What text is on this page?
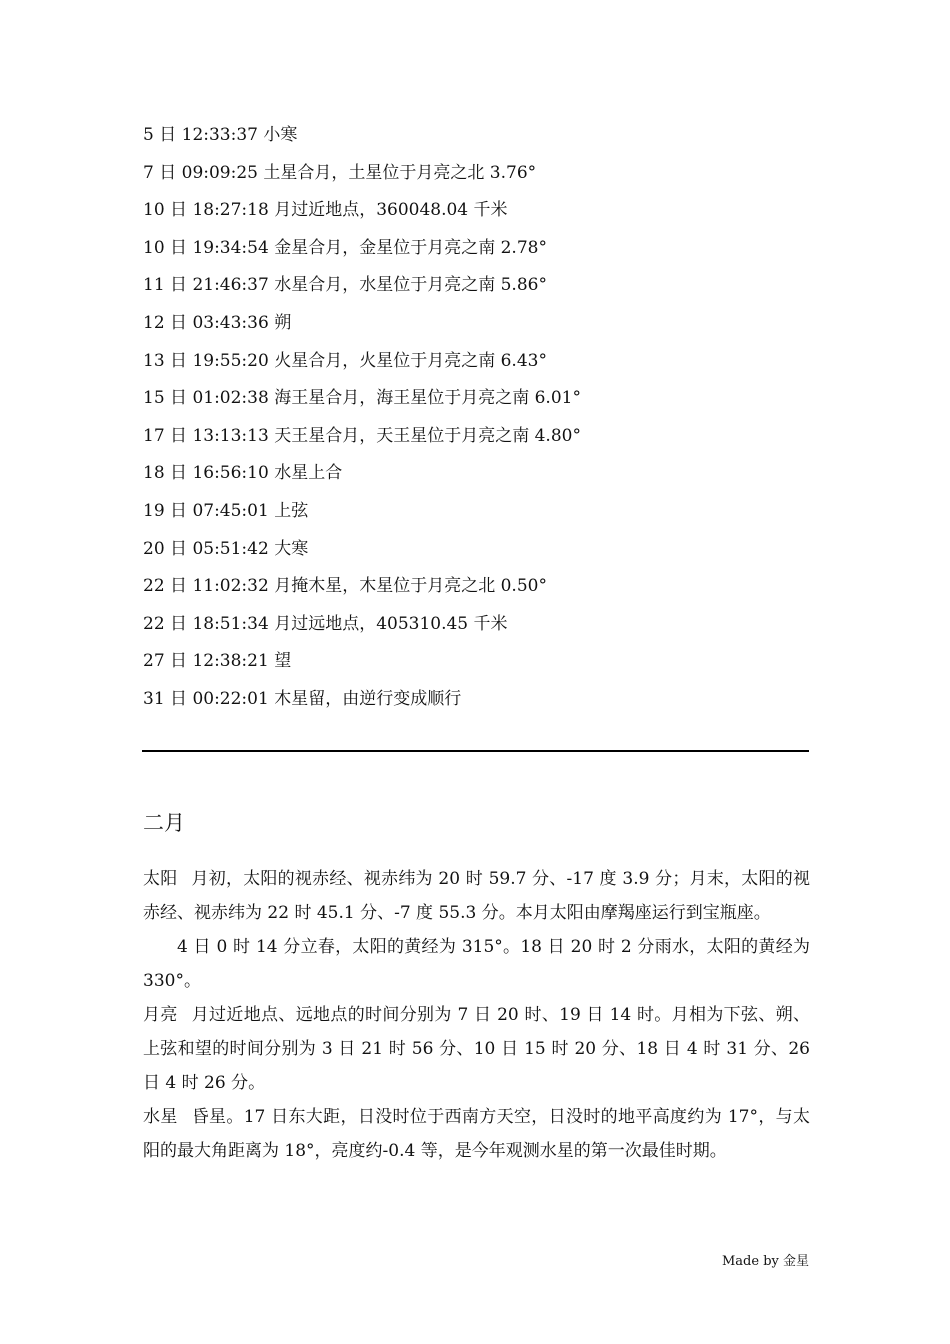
5 日 12:33:37 小寒
7 日 09:09:25 土星合月，土星位于月亮之北 3.76°
10 日 18:27:18 月过近地点，360048.04 千米
10 日 19:34:54 金星合月，金星位于月亮之南 2.78°
11 日 21:46:37 水星合月，水星位于月亮之南 5.86°
12 日 03:43:36 朔
13 日 19:55:20 火星合月，火星位于月亮之南 6.43°
15 日 01:02:38 海王星合月，海王星位于月亮之南 6.01°
17 日 13:13:13 天王星合月，天王星位于月亮之南 4.80°
18 日 16:56:10 水星上合
19 日 07:45:01 上弦
20 日 05:51:42 大寒
22 日 11:02:32 月掩木星，木星位于月亮之北 0.50°
22 日 18:51:34 月过远地点，405310.45 千米
27 日 12:38:21 望
31 日 00:22:01 木星留，由逆行变成顺行
二月

太阳 月初，太阳的视赤经、视赤纬为 20 时 59.7 分、-17 度 3.9 分；月末，太阳的视赤经、视赤纬为 22 时 45.1 分、-7 度 55.3 分。本月太阳由摩羯座运行到宝瓶座。

4 日 0 时 14 分立春，太阳的黄经为 315°。18 日 20 时 2 分雨水，太阳的黄经为 330°。

月亮 月过近地点、远地点的时间分别为 7 日 20 时、19 日 14 时。月相为下弦、朔、上弦和望的时间分别为 3 日 21 时 56 分、10 日 15 时 20 分、18 日 4 时 31 分、26 日 4 时 26 分。

水星 昏星。17 日东大距，日没时位于西南方天空，日没时的地平高度约为 17°，与太阳的最大角距离为 18°，亮度约-0.4 等，是今年观测水星的第一次最佳时期。

Made by 金星
